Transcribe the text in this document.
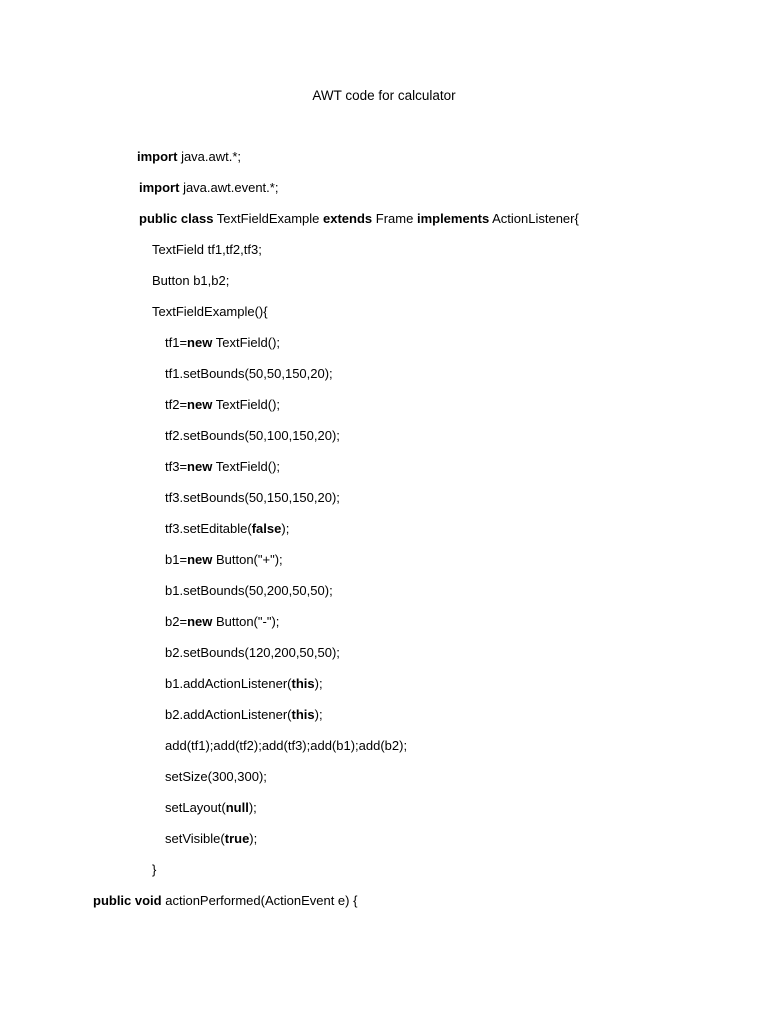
AWT code for calculator
import java.awt.*;
import java.awt.event.*;
public class TextFieldExample extends Frame implements ActionListener{
TextField tf1,tf2,tf3;
Button b1,b2;
TextFieldExample(){
tf1=new TextField();
tf1.setBounds(50,50,150,20);
tf2=new TextField();
tf2.setBounds(50,100,150,20);
tf3=new TextField();
tf3.setBounds(50,150,150,20);
tf3.setEditable(false);
b1=new Button("+");
b1.setBounds(50,200,50,50);
b2=new Button("-");
b2.setBounds(120,200,50,50);
b1.addActionListener(this);
b2.addActionListener(this);
add(tf1);add(tf2);add(tf3);add(b1);add(b2);
setSize(300,300);
setLayout(null);
setVisible(true);
}
public void actionPerformed(ActionEvent e) {
